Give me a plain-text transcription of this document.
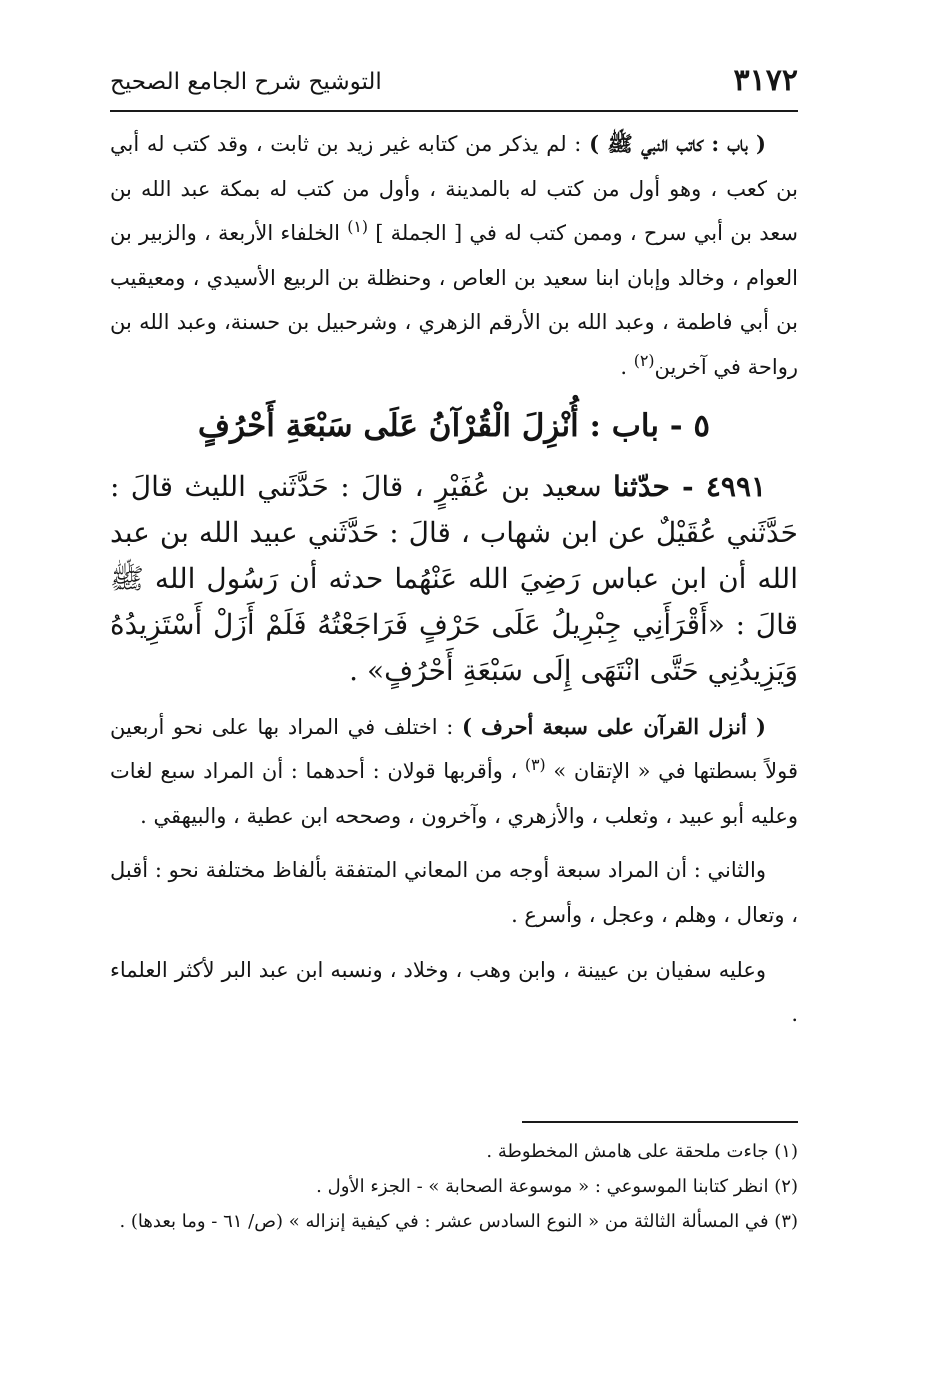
٣١٧٢
التوشيح شرح الجامع الصحيح

( باب : كاتب النبي ﷺ ) : لم يذكر من كتابه غير زيد بن ثابت ، وقد كتب له أبي بن كعب ، وهو أول من كتب له بالمدينة ، وأول من كتب له بمكة عبد الله بن سعد بن أبي سرح ، وممن كتب له في [ الجملة ] $^{(١)}$ الخلفاء الأربعة ، والزبير بن العوام ، وخالد وإبان ابنا سعيد بن العاص ، وحنظلة بن الربيع الأسيدي ، ومعيقيب بن أبي فاطمة ، وعبد الله بن الأرقم الزهري ، وشرحبيل بن حسنة، وعبد الله بن رواحة في آخرين$^{(٢)}$ .

٥ - باب : أُنْزِلَ الْقُرْآنُ عَلَى سَبْعَةِ أَحْرُفٍ

٤٩٩١ - حدّثنا سعيد بن عُفَيْرٍ ، قالَ : حَدَّثَني الليث قالَ : حَدَّثَني عُقَيْلٌ عن ابن شهاب ، قالَ : حَدَّثَني عبيد الله بن عبد الله أن ابن عباس رَضِيَ الله عَنْهُما حدثه أن رَسُول الله ﷺ قالَ : «أَقْرَأَنِي جِبْرِيلُ عَلَى حَرْفٍ فَرَاجَعْتُهُ فَلَمْ أَزَلْ أَسْتَزِيدُهُ وَيَزِيدُنِي حَتَّى انْتَهَى إِلَى سَبْعَةِ أَحْرُفٍ» .

( أنزل القرآن على سبعة أحرف ) : اختلف في المراد بها على نحو أربعين قولاً بسطتها في « الإتقان » $^{(٣)}$ ، وأقربها قولان : أحدهما : أن المراد سبع لغات وعليه أبو عبيد ، وثعلب ، والأزهري ، وآخرون ، وصححه ابن عطية ، والبيهقي .

والثاني : أن المراد سبعة أوجه من المعاني المتفقة بألفاظ مختلفة نحو : أقبل ، وتعال ، وهلم ، وعجل ، وأسرع .

وعليه سفيان بن عيينة ، وابن وهب ، وخلاد ، ونسبه ابن عبد البر لأكثر العلماء .

(١) جاءت ملحقة على هامش المخطوطة .

(٢) انظر كتابنا الموسوعي : « موسوعة الصحابة » - الجزء الأول .

(٣) في المسألة الثالثة من « النوع السادس عشر : في كيفية إنزاله » (ص/ ٦١ - وما بعدها) .
